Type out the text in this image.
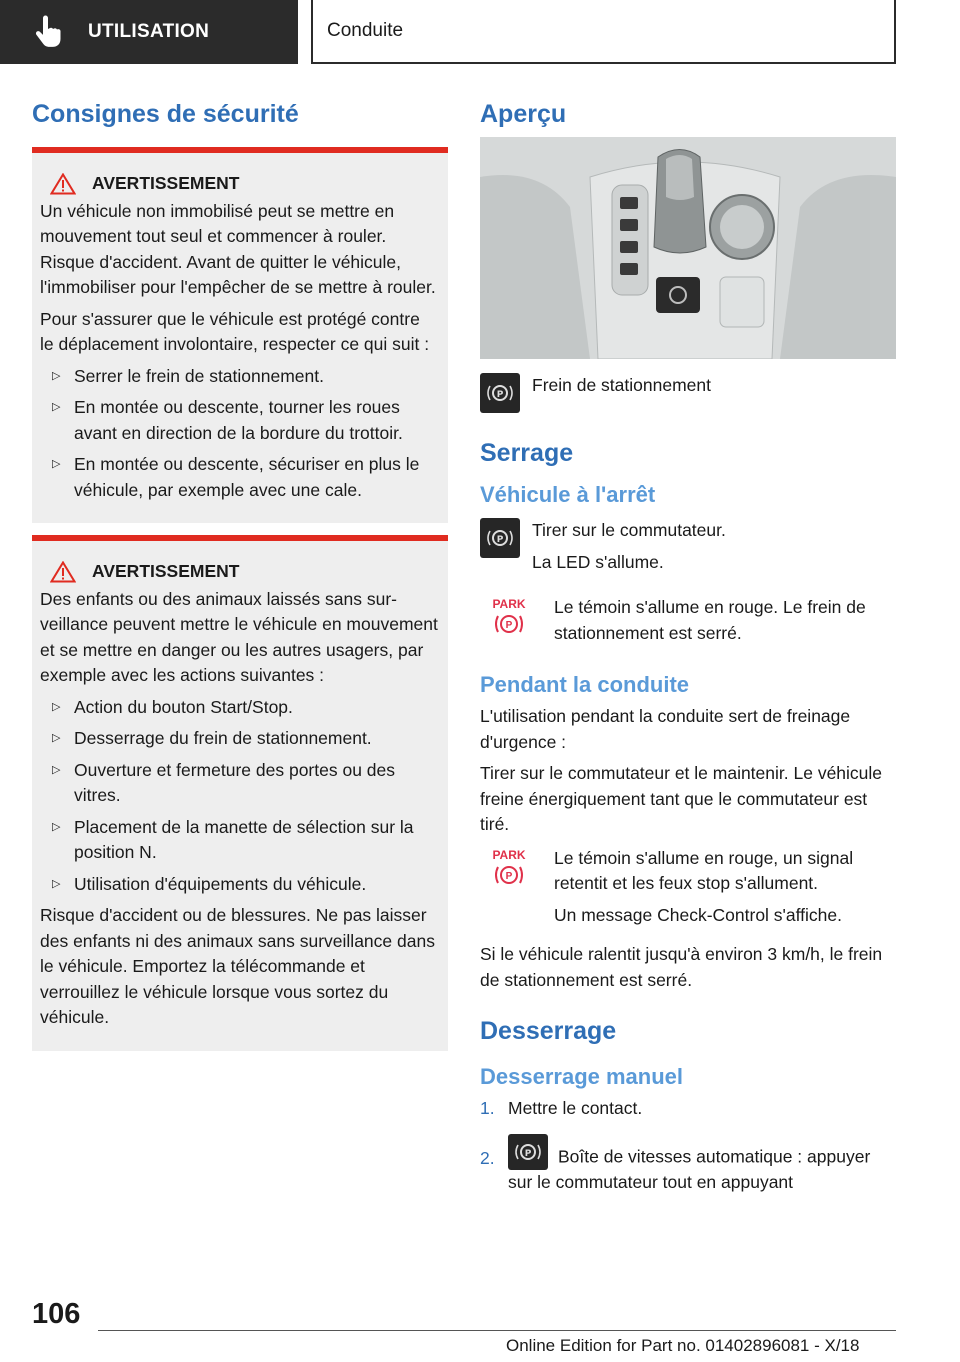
UTILISATION	Conduite
Consignes de sécurité
AVERTISSEMENT

Un véhicule non immobilisé peut se mettre en mouvement tout seul et commencer à rouler. Risque d'accident. Avant de quitter le véhicule, l'immobiliser pour l'empêcher de se mettre à rouler.

Pour s'assurer que le véhicule est protégé contre le déplacement involontaire, respecter ce qui suit :

▷ Serrer le frein de stationnement.
▷ En montée ou descente, tourner les roues avant en direction de la bordure du trottoir.
▷ En montée ou descente, sécuriser en plus le véhicule, par exemple avec une cale.
AVERTISSEMENT

Des enfants ou des animaux laissés sans surveillance peuvent mettre le véhicule en mouvement et se mettre en danger ou les autres usagers, par exemple avec les actions suivantes :

▷ Action du bouton Start/Stop.
▷ Desserrage du frein de stationnement.
▷ Ouverture et fermeture des portes ou des vitres.
▷ Placement de la manette de sélection sur la position N.
▷ Utilisation d'équipements du véhicule.

Risque d'accident ou de blessures. Ne pas laisser des enfants ni des animaux sans surveillance dans le véhicule. Emportez la télécommande et verrouillez le véhicule lorsque vous sortez du véhicule.

Aperçu
P Frein de stationnement
Serrage
Véhicule à l'arrêt
P Tirer sur le commutateur.

La LED s'allume.

PARK
P

Le témoin s'allume en rouge. Le frein de stationnement est serré.

Pendant la conduite

L'utilisation pendant la conduite sert de freinage d'urgence :

Tirer sur le commutateur et le maintenir. Le véhicule freine énergiquement tant que le commutateur est tiré.

PARK
P

Le témoin s'allume en rouge, un signal retentit et les feux stop s'allument.

Un message Check-Control s'affiche.

Si le véhicule ralentit jusqu'à environ 3 km/h, le frein de stationnement est serré.

Desserrage
Desserrage manuel
1. Mettre le contact.
2.	P Boîte de vitesses automatique : appuyer sur le commutateur tout en appuyant
106
Online Edition for Part no. 01402896081 - X/18
